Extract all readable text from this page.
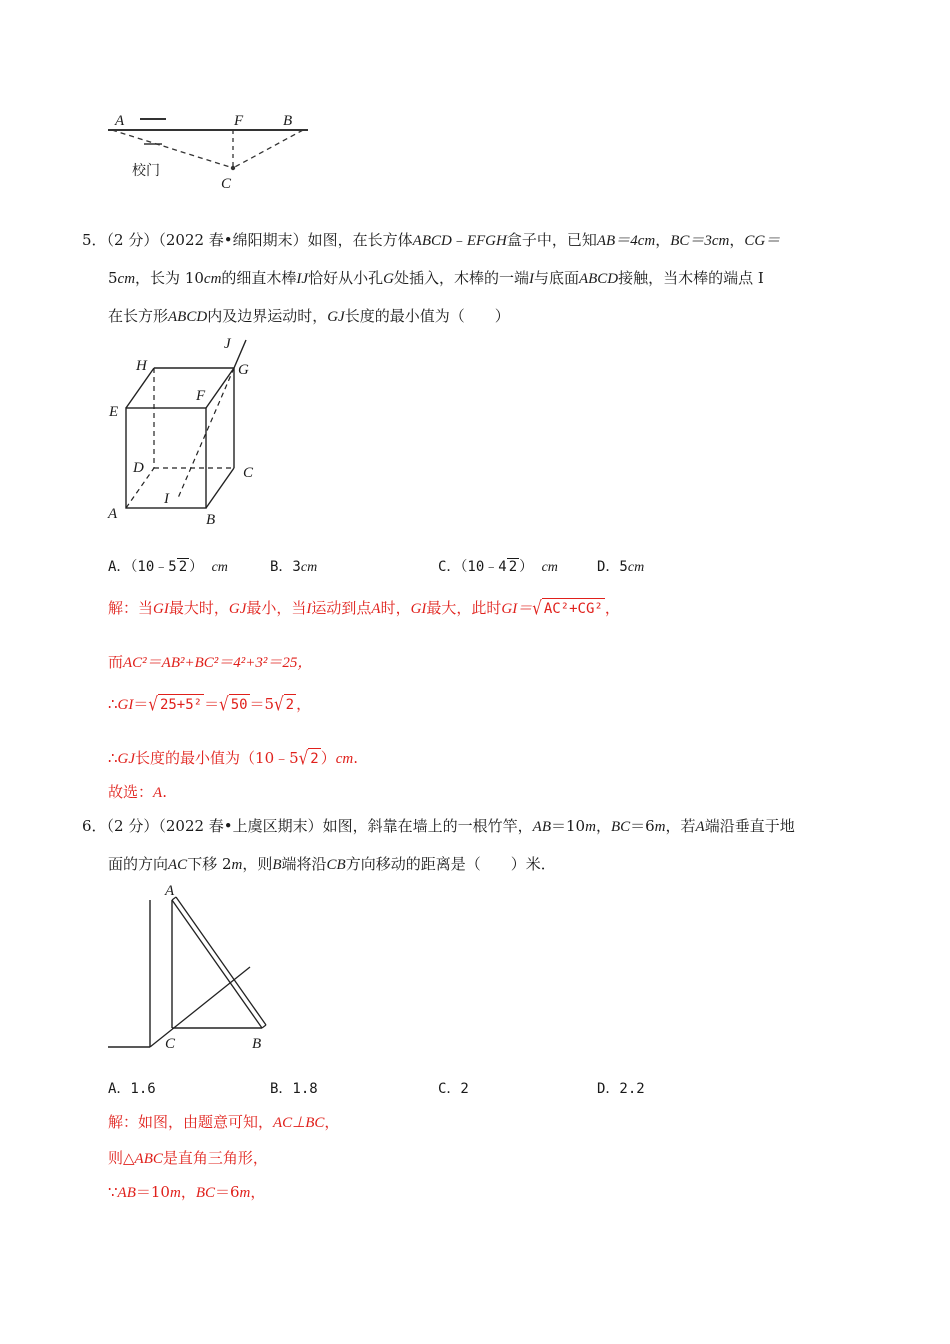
A	F	B
C
校门
5．（2 分）（2022 春•绵阳期末）如图，在长方体ABCD﹣EFGH盒子中，已知AB＝4cm，BC＝3cm，CG＝
5cm，长为 10cm的细直木棒IJ恰好从小孔G处插入，木棒的一端I与底面ABCD接触，当木棒的端点 I
在长方形ABCD内及边界运动时，GJ长度的最小值为（　　）
J
H	G
E
F
D	C
I
A	B
A．（10﹣5 2 ） cm	B．3cm	C．（10﹣4 2 ） cm	D．5cm
解：当GI最大时，GJ最小，当I运动到点A时，GI最大，此时GI＝√ AC²+CG² ，
而AC²＝AB²+BC²＝4²+3²＝25，
∴GI＝√ 25+5² ＝√ 50 ＝5√ 2 ，
∴GJ长度的最小值为（10﹣5√ 2 ）cm.
故选：A.
6．（2 分）（2022 春•上虞区期末）如图，斜靠在墙上的一根竹竿，AB＝10m，BC＝6m，若A端沿垂直于地
面的方向AC下移 2m，则B端将沿CB方向移动的距离是（　　）米．
A
C	B
A．1.6	B．1.8	C．2	D．2.2
解：如图，由题意可知，AC⊥BC，
则△ABC是直角三角形，
∵AB＝10m，BC＝6m，
